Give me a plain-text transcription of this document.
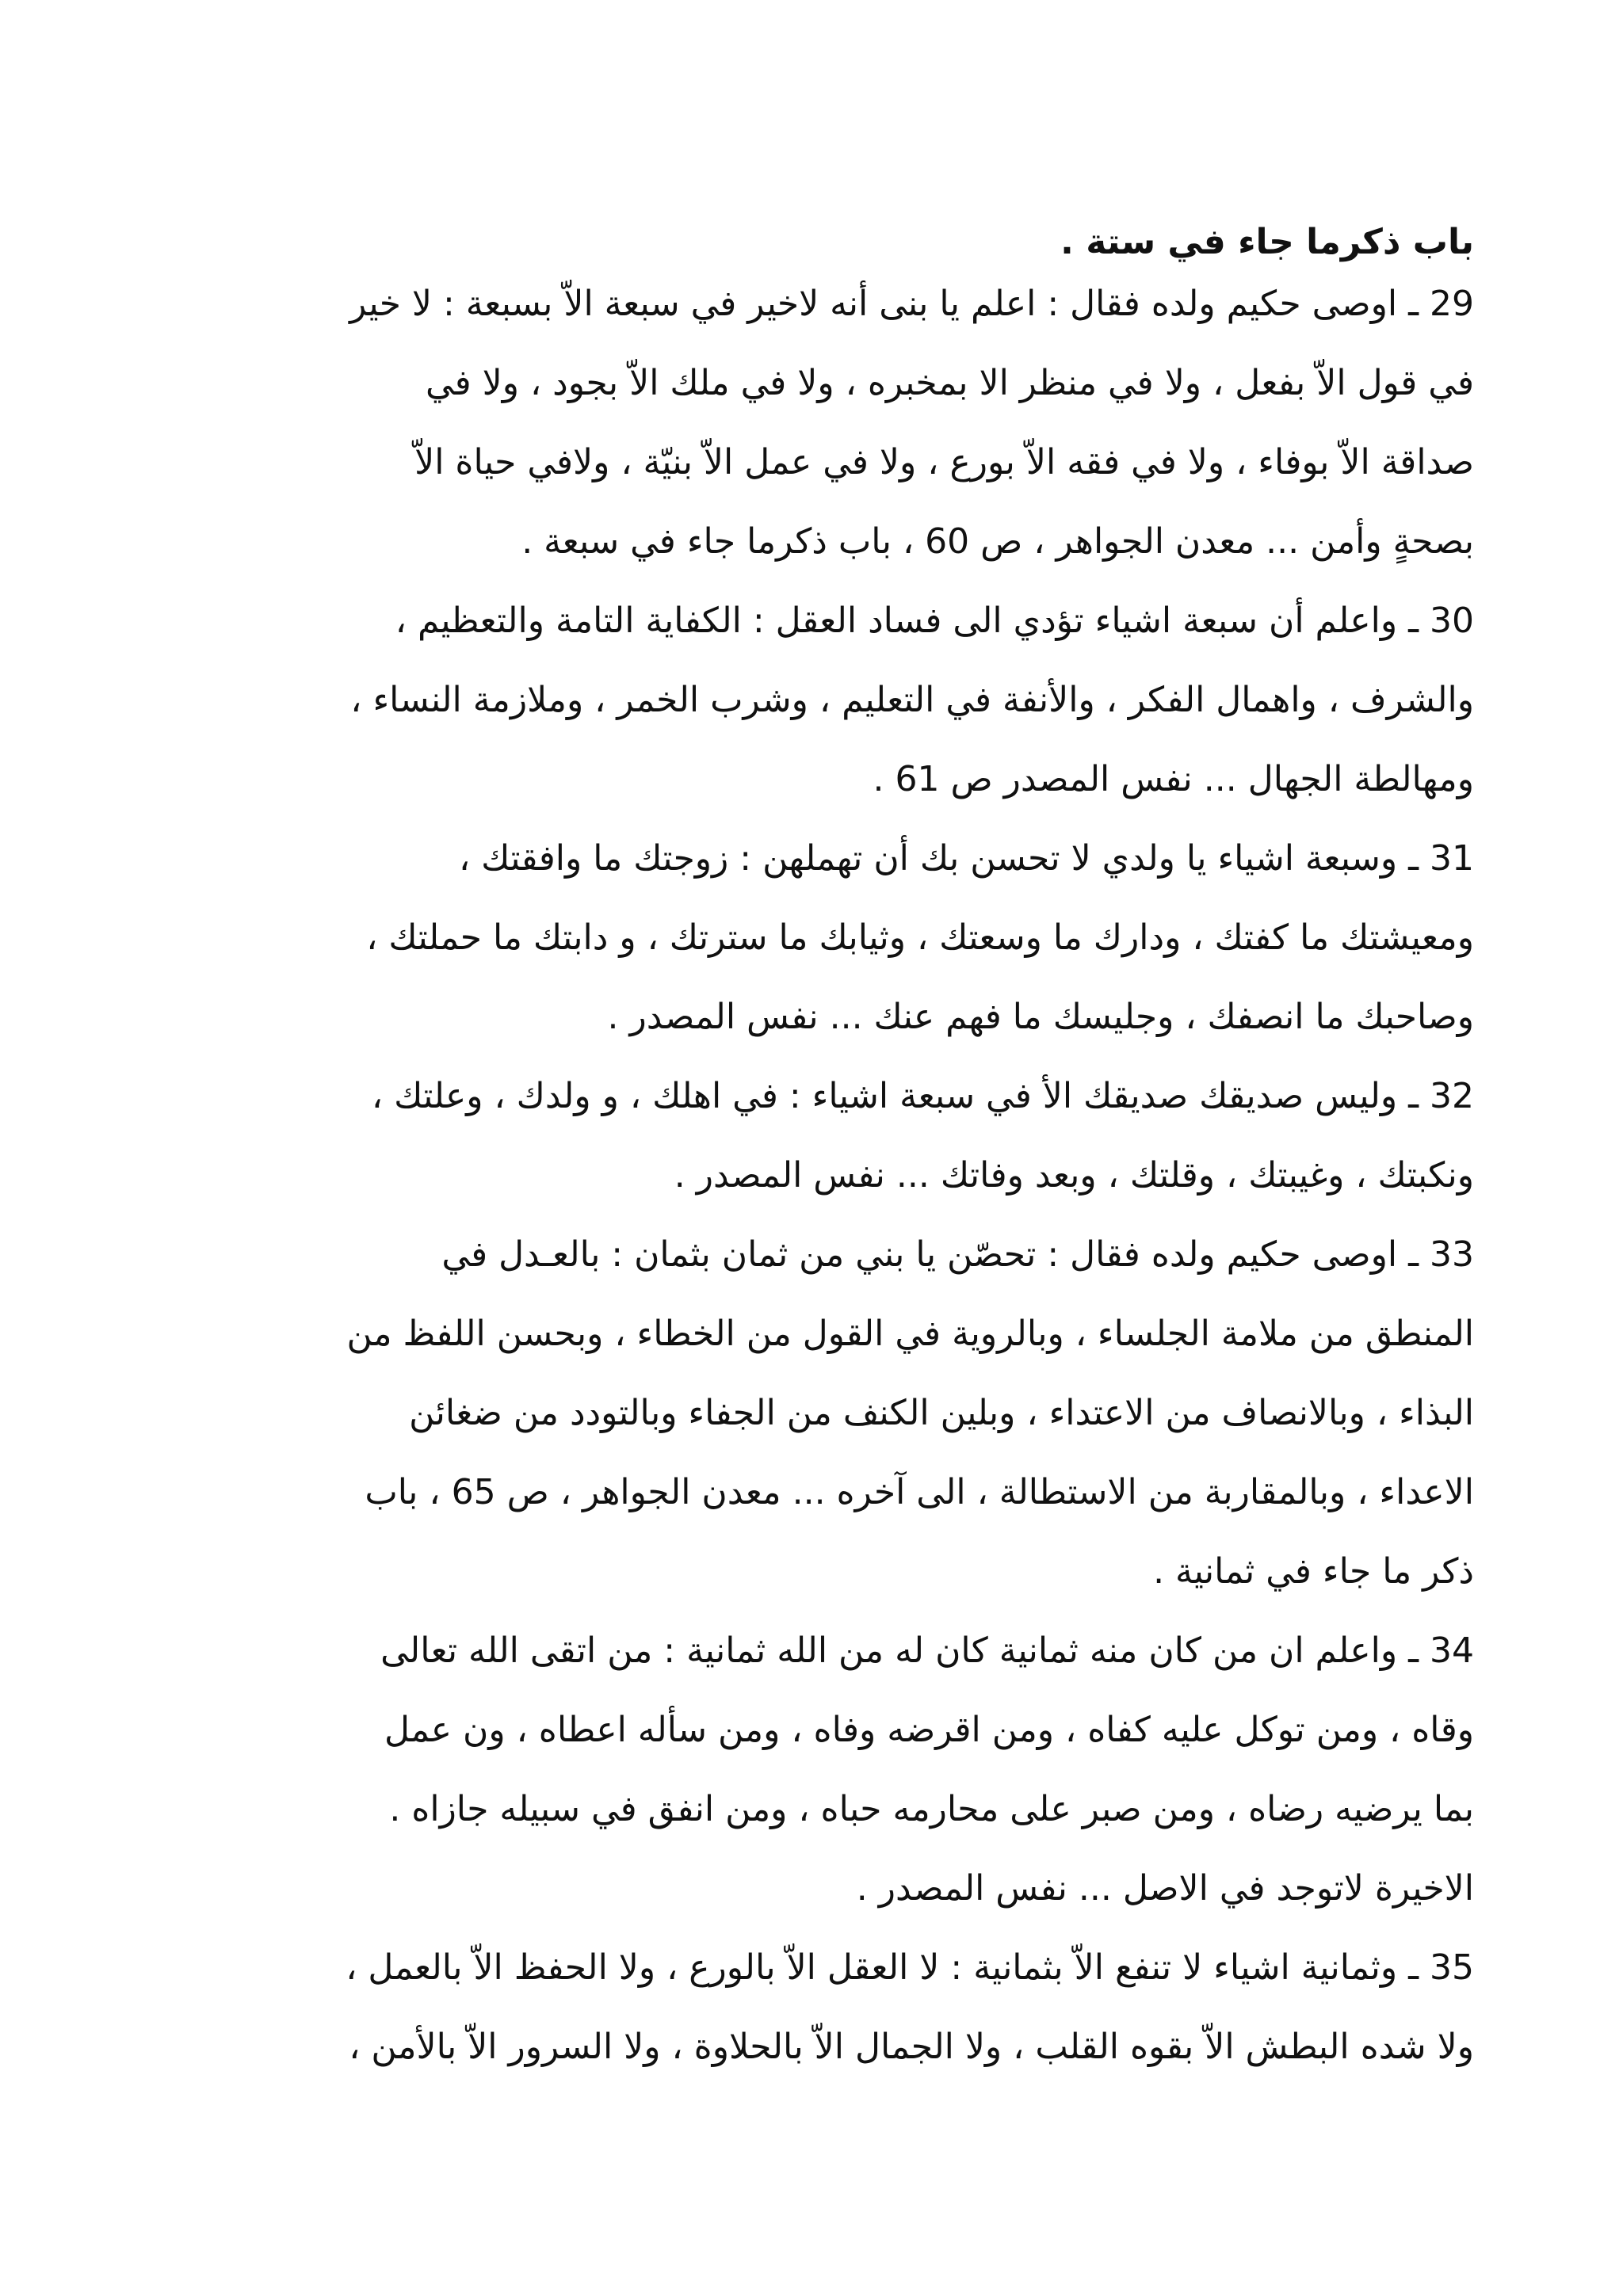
باب ذكرما جاء في ستة .

29 ـ اوصى حكيم ولده فقال : اعلم يا بنى أنه لاخير في سبعة الاّ بسبعة : لا خير
في قول الاّ بفعل ، ولا في منظر الا بمخبره ، ولا في ملك الاّ بجود ، ولا في
صداقة الاّ بوفاء ، ولا في فقه الاّ بورع ، ولا في عمل الاّ بنيّة ، ولافي حياة الاّ
بصحةٍ وأمن ... معدن الجواهر ، ص 60 ، باب ذكرما جاء في سبعة .

30 ـ واعلم أن سبعة اشياء تؤدي الى فساد العقل : الكفاية التامة والتعظيم ،
والشرف ، واهمال الفكر ، والأنفة في التعليم ، وشرب الخمر ، وملازمة النساء ،
ومهالطة الجهال ... نفس المصدر ص 61 .

31 ـ وسبعة اشياء يا ولدي لا تحسن بك أن تهملهن : زوجتك ما وافقتك ،
ومعيشتك ما كفتك ، ودارك ما وسعتك ، وثيابك ما سترتك ، و دابتك ما حملتك ،
وصاحبك ما انصفك ، وجليسك ما فهم عنك ... نفس المصدر .

32 ـ وليس صديقك صديقك الأ في سبعة اشياء : في اهلك ، و ولدك ، وعلتك ،
ونكبتك ، وغيبتك ، وقلتك ، وبعد وفاتك ... نفس المصدر .

33 ـ اوصى حكيم ولده فقال : تحصّن يا بني من ثمان بثمان : بالعـدل في
المنطق من ملامة الجلساء ، وبالروية في القول من الخطاء ، وبحسن اللفظ من
البذاء ، وبالانصاف من الاعتداء ، وبلين الكنف من الجفاء وبالتودد من ضغائن
الاعداء ، وبالمقاربة من الاستطالة ، الى آخره ... معدن الجواهر ، ص 65 ، باب
ذكر ما جاء في ثمانية .

34 ـ واعلم ان من كان منه ثمانية كان له من الله ثمانية : من اتقى الله تعالى
وقاه ، ومن توكل عليه كفاه ، ومن اقرضه وفاه ، ومن سأله اعطاه ، ون عمل
بما يرضيه رضاه ، ومن صبر على محارمه حباه ، ومن انفق في سبيله جازاه .
الاخيرة لاتوجد في الاصل ... نفس المصدر .

35 ـ وثمانية اشياء لا تنفع الاّ بثمانية : لا العقل الاّ بالورع ، ولا الحفظ الاّ بالعمل ،
ولا شده البطش الاّ بقوه القلب ، ولا الجمال الاّ بالحلاوة ، ولا السرور الاّ بالأمن ،
